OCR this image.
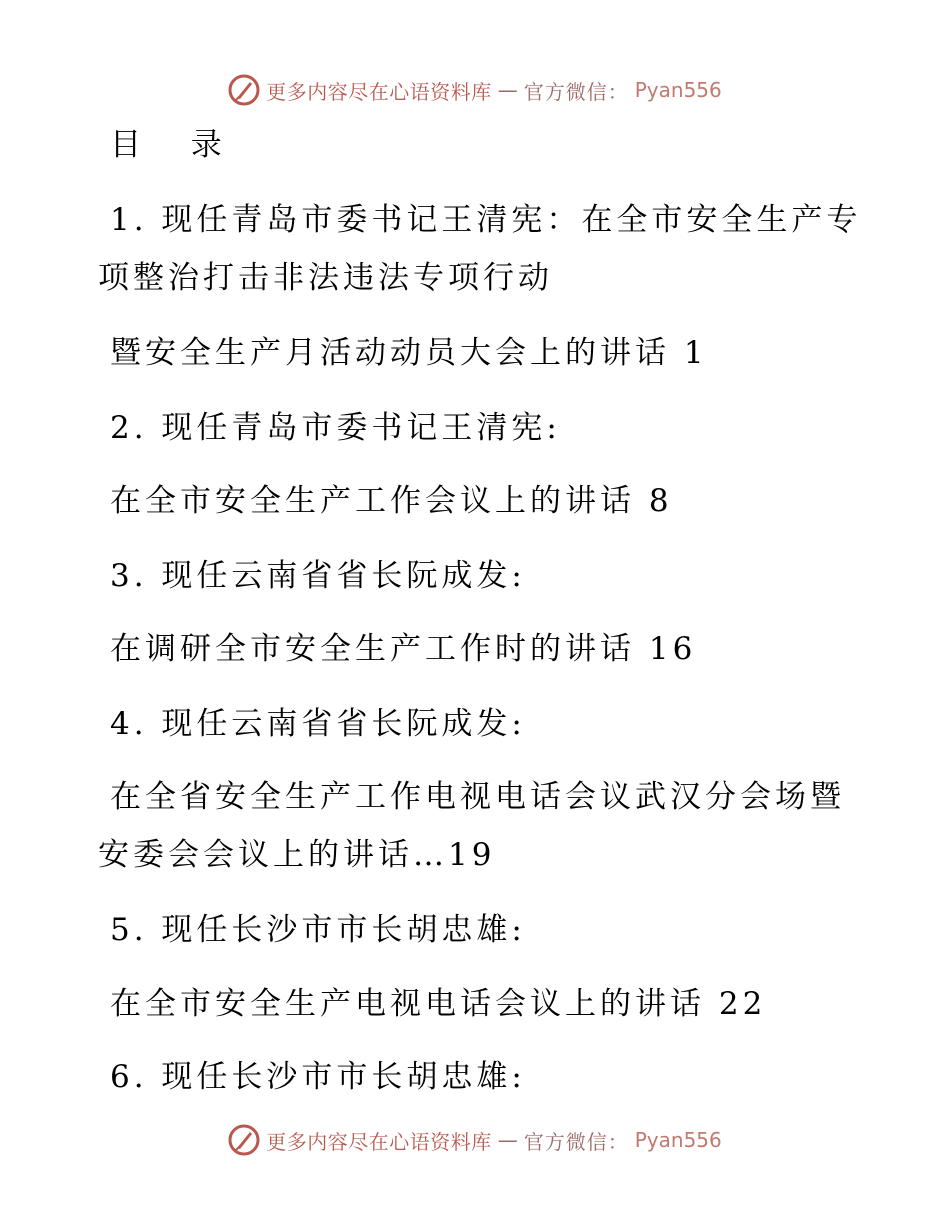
更多内容尽在心语资料库 — 官方微信： Pyan556
目  录
1. 现任青岛市委书记王清宪：在全市安全生产专
项整治打击非法违法专项行动
暨安全生产月活动动员大会上的讲话 1
2. 现任青岛市委书记王清宪:
在全市安全生产工作会议上的讲话 8
3. 现任云南省省长阮成发:
在调研全市安全生产工作时的讲话 16
4. 现任云南省省长阮成发:
在全省安全生产工作电视电话会议武汉分会场暨
安委会会议上的讲话…19
5. 现任长沙市市长胡忠雄:
在全市安全生产电视电话会议上的讲话 22
6. 现任长沙市市长胡忠雄:
更多内容尽在心语资料库 — 官方微信： Pyan556
